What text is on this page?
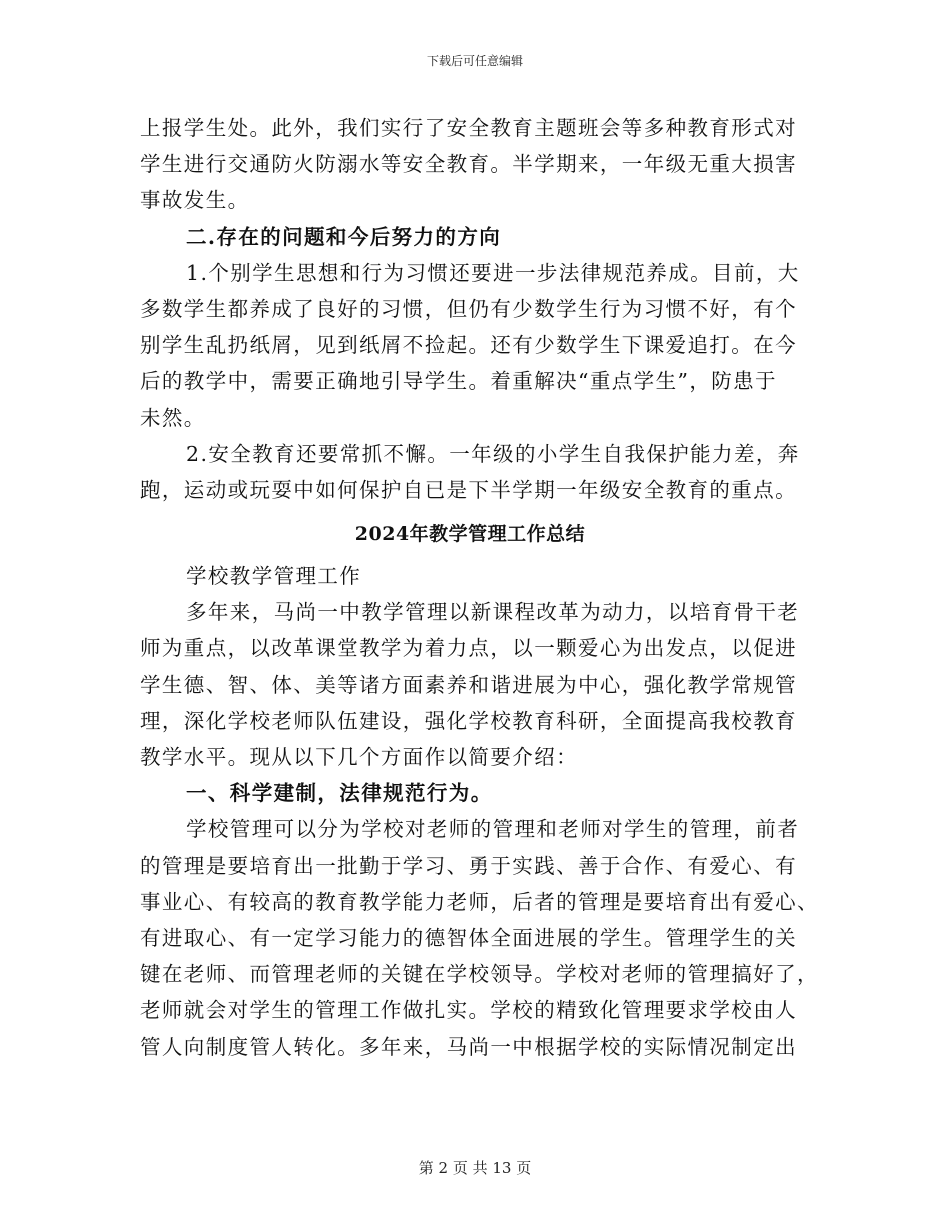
下载后可任意编辑
上报学生处。此外，我们实行了安全教育主题班会等多种教育形式对
学生进行交通防火防溺水等安全教育。半学期来，一年级无重大损害
事故发生。
二.存在的问题和今后努力的方向
1.个别学生思想和行为习惯还要进一步法律规范养成。目前，大
多数学生都养成了良好的习惯，但仍有少数学生行为习惯不好，有个
别学生乱扔纸屑，见到纸屑不捡起。还有少数学生下课爱追打。在今
后的教学中，需要正确地引导学生。着重解决“重点学生”，防患于
未然。
2.安全教育还要常抓不懈。一年级的小学生自我保护能力差，奔
跑，运动或玩耍中如何保护自已是下半学期一年级安全教育的重点。
2024年教学管理工作总结
学校教学管理工作
多年来，马尚一中教学管理以新课程改革为动力，以培育骨干老
师为重点，以改革课堂教学为着力点，以一颗爱心为出发点，以促进
学生德、智、体、美等诸方面素养和谐进展为中心，强化教学常规管
理，深化学校老师队伍建设，强化学校教育科研，全面提高我校教育
教学水平。现从以下几个方面作以简要介绍：
一、科学建制，法律规范行为。
学校管理可以分为学校对老师的管理和老师对学生的管理，前者
的管理是要培育出一批勤于学习、勇于实践、善于合作、有爱心、有
事业心、有较高的教育教学能力老师，后者的管理是要培育出有爱心、
有进取心、有一定学习能力的德智体全面进展的学生。管理学生的关
键在老师、而管理老师的关键在学校领导。学校对老师的管理搞好了，
老师就会对学生的管理工作做扎实。学校的精致化管理要求学校由人
管人向制度管人转化。多年来，马尚一中根据学校的实际情况制定出
第 2 页 共 13 页
